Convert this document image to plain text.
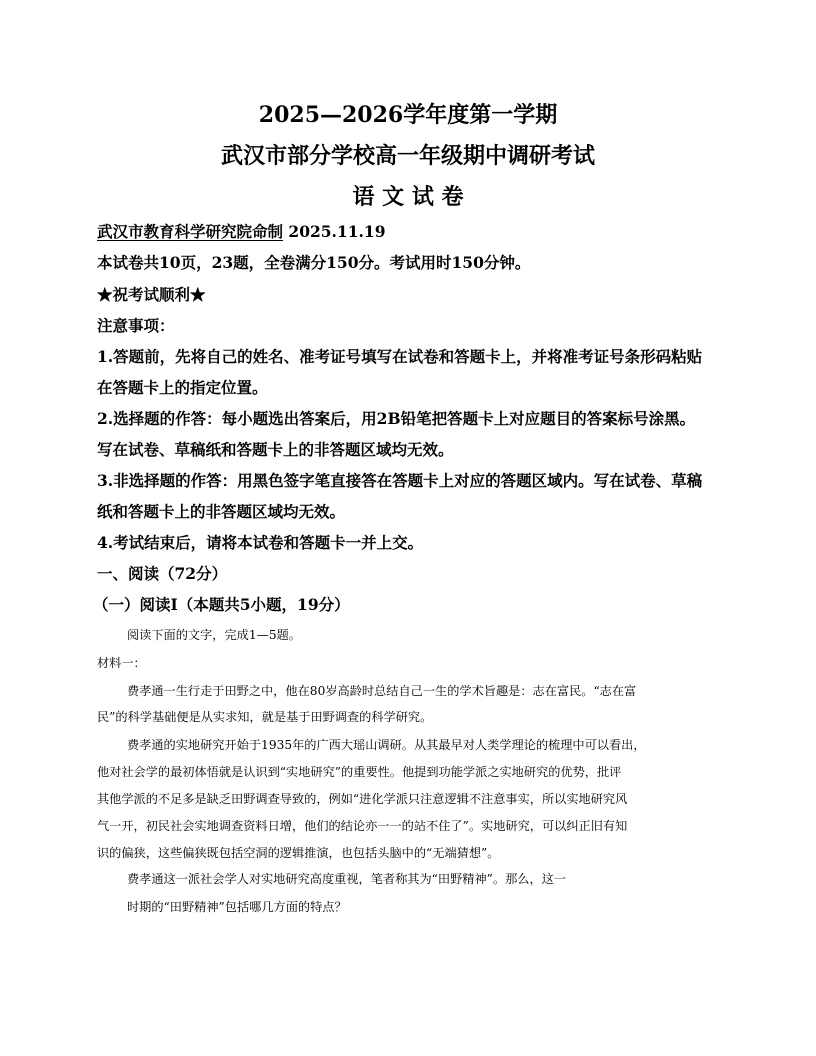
2025—2026学年度第一学期
武汉市部分学校高一年级期中调研考试
语 文 试 卷
武汉市教育科学研究院命制 2025.11.19
本试卷共10页，23题，全卷满分150分。考试用时150分钟。
★祝考试顺利★
注意事项：
1.答题前，先将自己的姓名、准考证号填写在试卷和答题卡上，并将准考证号条形码粘贴
在答题卡上的指定位置。
2.选择题的作答：每小题选出答案后，用2B铅笔把答题卡上对应题目的答案标号涂黑。
写在试卷、草稿纸和答题卡上的非答题区域均无效。
3.非选择题的作答：用黑色签字笔直接答在答题卡上对应的答题区域内。写在试卷、草稿
纸和答题卡上的非答题区域均无效。
4.考试结束后，请将本试卷和答题卡一并上交。
一、阅读（72分）
（一）阅读Ⅰ（本题共5小题，19分）
阅读下面的文字，完成1—5题。
材料一：
费孝通一生行走于田野之中，他在80岁高龄时总结自己一生的学术旨趣是：志在富民。“志在富
民”的科学基础便是从实求知，就是基于田野调查的科学研究。
费孝通的实地研究开始于1935年的广西大瑶山调研。从其最早对人类学理论的梳理中可以看出，
他对社会学的最初体悟就是认识到“实地研究”的重要性。他提到功能学派之实地研究的优势，批评
其他学派的不足多是缺乏田野调查导致的，例如“进化学派只注意逻辑不注意事实，所以实地研究风
气一开，初民社会实地调查资料日增，他们的结论亦一一的站不住了”。实地研究，可以纠正旧有知
识的偏狭，这些偏狭既包括空洞的逻辑推演，也包括头脑中的“无端猜想”。
费孝通这一派社会学人对实地研究高度重视，笔者称其为“田野精神”。那么，这一
时期的“田野精神”包括哪几方面的特点？
